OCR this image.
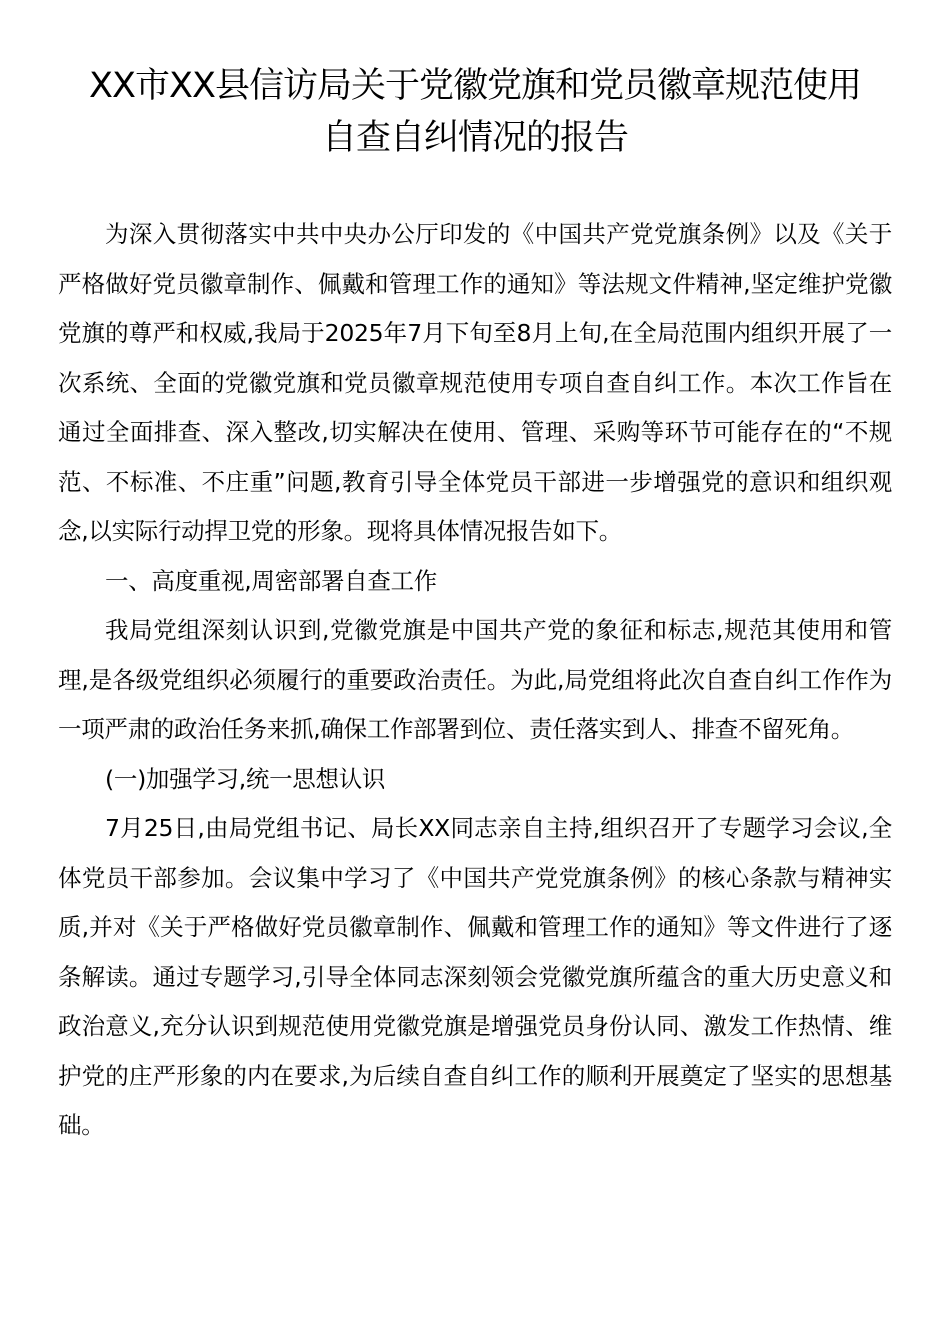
XX市XX县信访局关于党徽党旗和党员徽章规范使用
自查自纠情况的报告

为深入贯彻落实中共中央办公厅印发的《中国共产党党旗条例》以及《关于严格做好党员徽章制作、佩戴和管理工作的通知》等法规文件精神,坚定维护党徽党旗的尊严和权威,我局于2025年7月下旬至8月上旬,在全局范围内组织开展了一次系统、全面的党徽党旗和党员徽章规范使用专项自查自纠工作。本次工作旨在通过全面排查、深入整改,切实解决在使用、管理、采购等环节可能存在的“不规范、不标准、不庄重”问题,教育引导全体党员干部进一步增强党的意识和组织观念,以实际行动捍卫党的形象。现将具体情况报告如下。

一、高度重视,周密部署自查工作

我局党组深刻认识到,党徽党旗是中国共产党的象征和标志,规范其使用和管理,是各级党组织必须履行的重要政治责任。为此,局党组将此次自查自纠工作作为一项严肃的政治任务来抓,确保工作部署到位、责任落实到人、排查不留死角。

(一)加强学习,统一思想认识

7月25日,由局党组书记、局长XX同志亲自主持,组织召开了专题学习会议,全体党员干部参加。会议集中学习了《中国共产党党旗条例》的核心条款与精神实质,并对《关于严格做好党员徽章制作、佩戴和管理工作的通知》等文件进行了逐条解读。通过专题学习,引导全体同志深刻领会党徽党旗所蕴含的重大历史意义和政治意义,充分认识到规范使用党徽党旗是增强党员身份认同、激发工作热情、维护党的庄严形象的内在要求,为后续自查自纠工作的顺利开展奠定了坚实的思想基础。
